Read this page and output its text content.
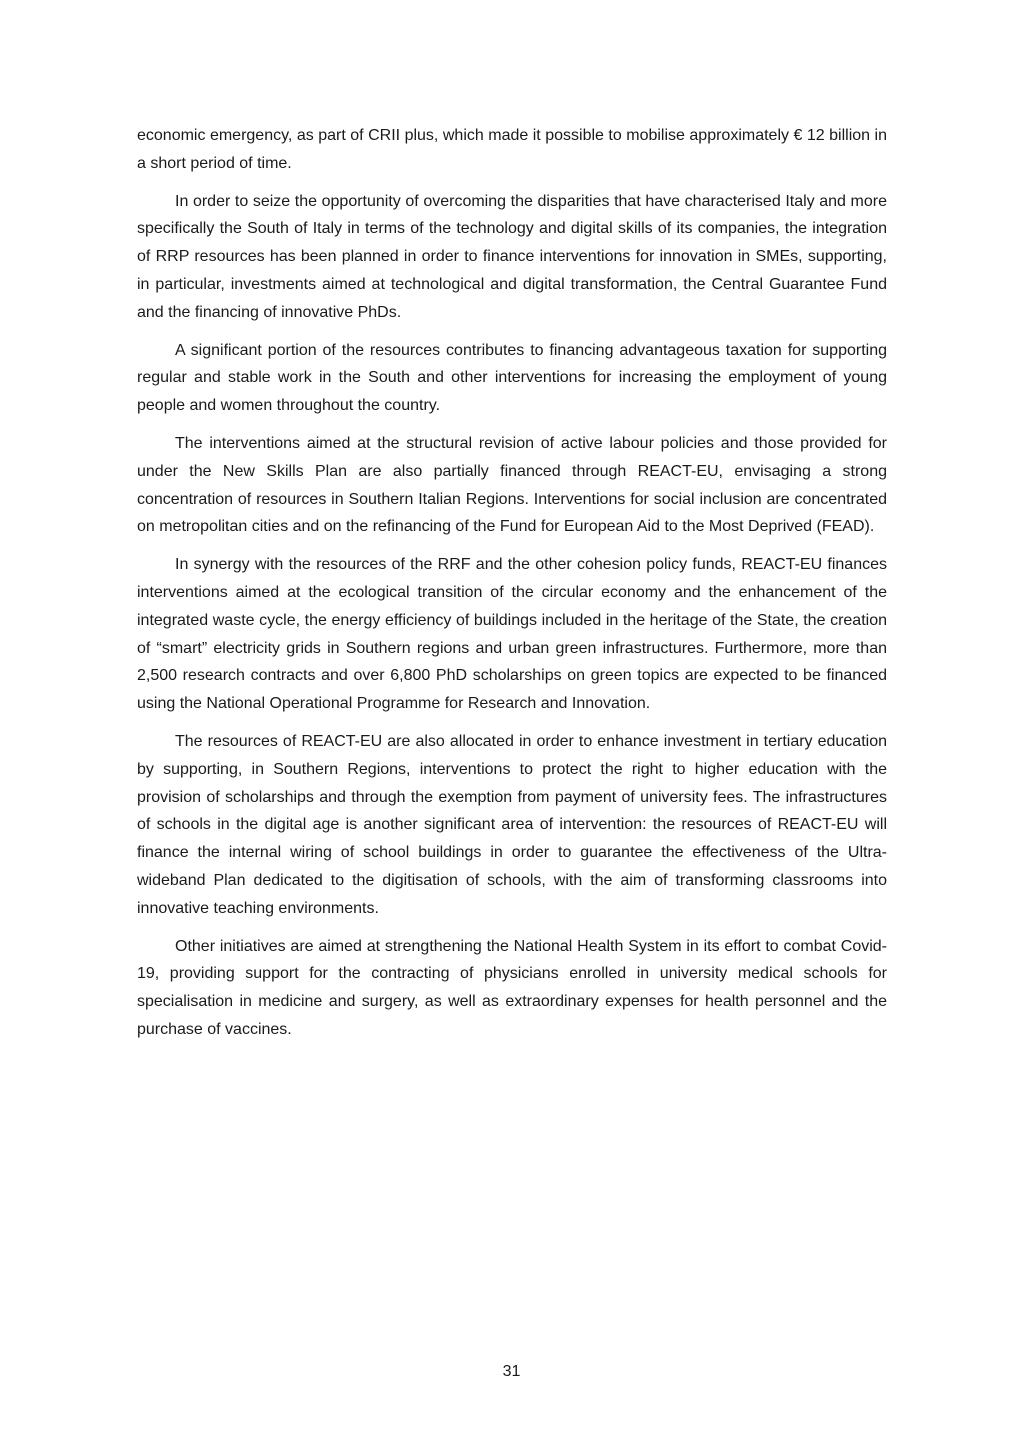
economic emergency, as part of CRII plus, which made it possible to mobilise approximately € 12 billion in a short period of time.

In order to seize the opportunity of overcoming the disparities that have characterised Italy and more specifically the South of Italy in terms of the technology and digital skills of its companies, the integration of RRP resources has been planned in order to finance interventions for innovation in SMEs, supporting, in particular, investments aimed at technological and digital transformation, the Central Guarantee Fund and the financing of innovative PhDs.

A significant portion of the resources contributes to financing advantageous taxation for supporting regular and stable work in the South and other interventions for increasing the employment of young people and women throughout the country.

The interventions aimed at the structural revision of active labour policies and those provided for under the New Skills Plan are also partially financed through REACT-EU, envisaging a strong concentration of resources in Southern Italian Regions. Interventions for social inclusion are concentrated on metropolitan cities and on the refinancing of the Fund for European Aid to the Most Deprived (FEAD).

In synergy with the resources of the RRF and the other cohesion policy funds, REACT-EU finances interventions aimed at the ecological transition of the circular economy and the enhancement of the integrated waste cycle, the energy efficiency of buildings included in the heritage of the State, the creation of “smart” electricity grids in Southern regions and urban green infrastructures. Furthermore, more than 2,500 research contracts and over 6,800 PhD scholarships on green topics are expected to be financed using the National Operational Programme for Research and Innovation.

The resources of REACT-EU are also allocated in order to enhance investment in tertiary education by supporting, in Southern Regions, interventions to protect the right to higher education with the provision of scholarships and through the exemption from payment of university fees. The infrastructures of schools in the digital age is another significant area of intervention: the resources of REACT-EU will finance the internal wiring of school buildings in order to guarantee the effectiveness of the Ultra-wideband Plan dedicated to the digitisation of schools, with the aim of transforming classrooms into innovative teaching environments.

Other initiatives are aimed at strengthening the National Health System in its effort to combat Covid-19, providing support for the contracting of physicians enrolled in university medical schools for specialisation in medicine and surgery, as well as extraordinary expenses for health personnel and the purchase of vaccines.

31
